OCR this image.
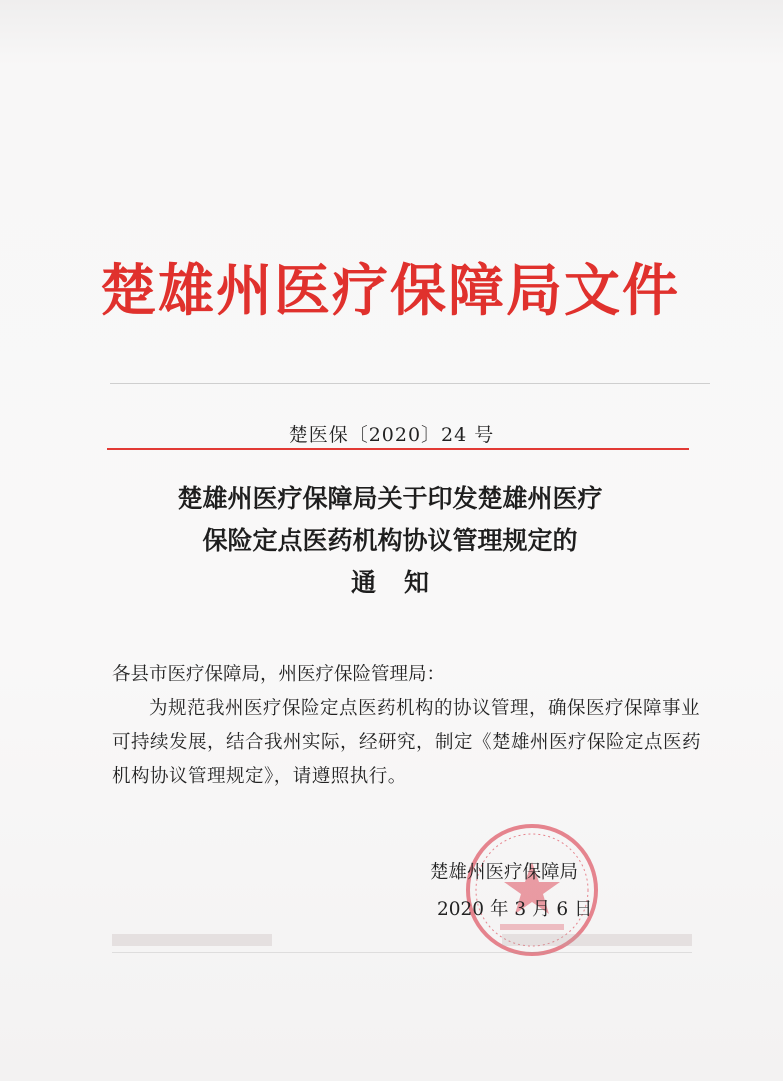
楚雄州医疗保障局文件
楚医保〔2020〕24 号
楚雄州医疗保障局关于印发楚雄州医疗
保险定点医药机构协议管理规定的
通知

各县市医疗保障局，州医疗保险管理局：

为规范我州医疗保险定点医药机构的协议管理，确保医疗保障事业可持续发展，结合我州实际，经研究，制定《楚雄州医疗保险定点医药机构协议管理规定》，请遵照执行。

楚雄州医疗保障局
2020 年 3 月 6 日
